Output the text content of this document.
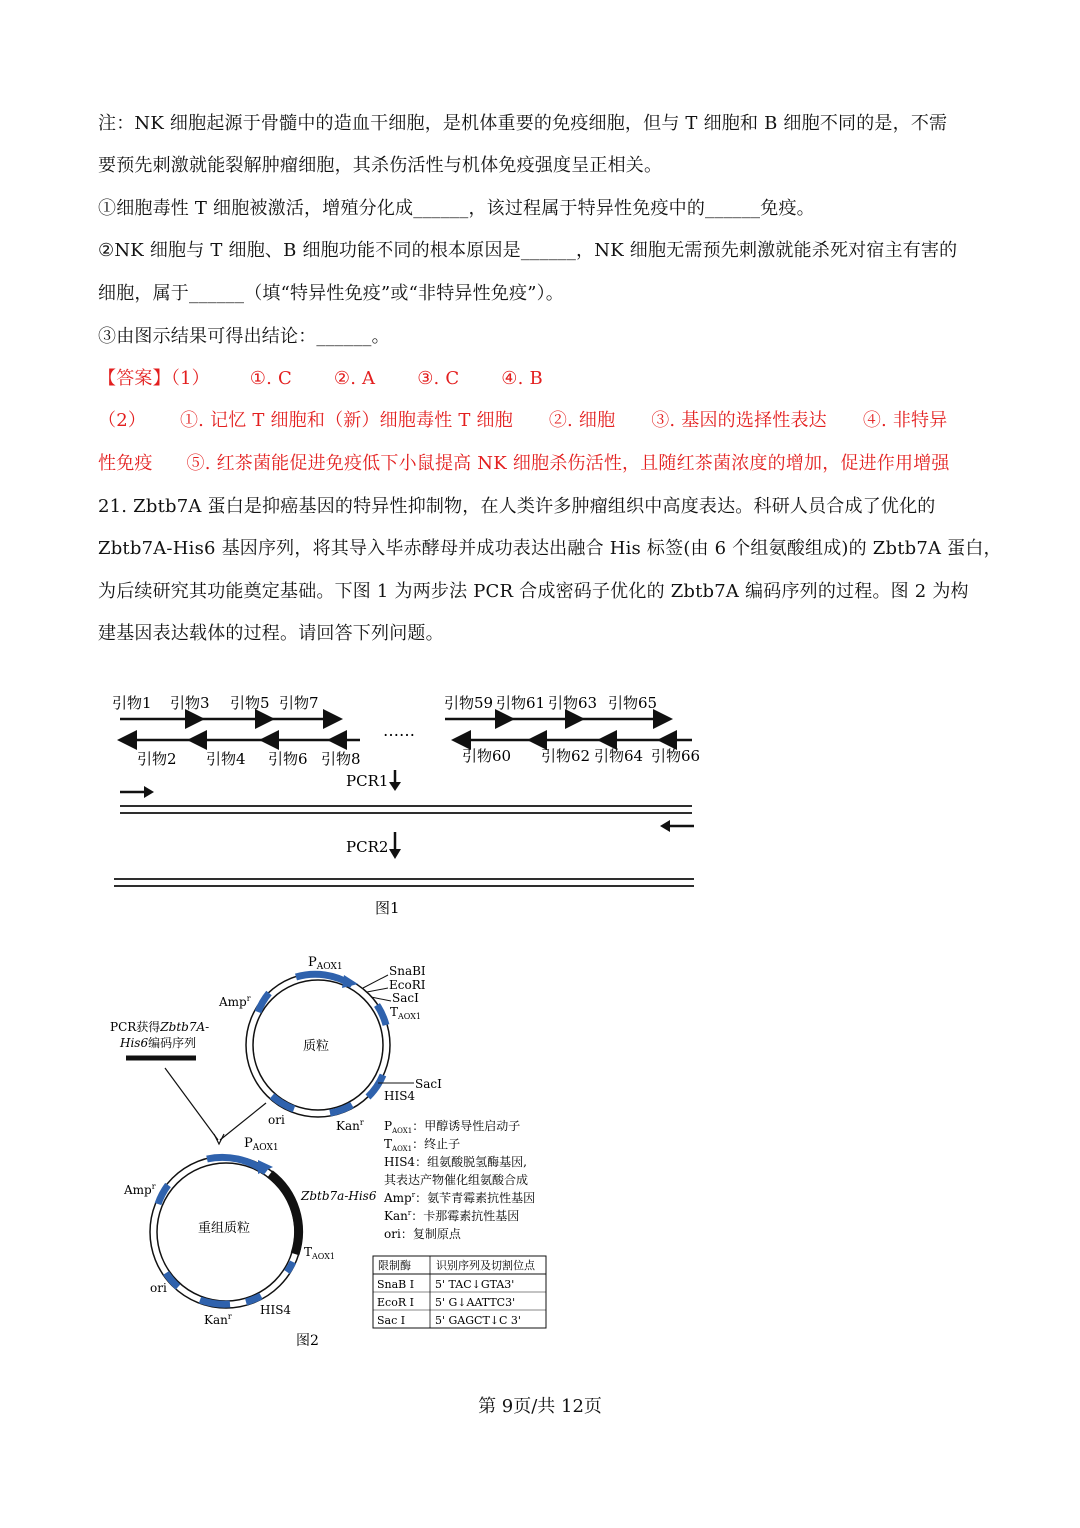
注：NK 细胞起源于骨髓中的造血干细胞，是机体重要的免疫细胞，但与 T 细胞和 B 细胞不同的是，不需
要预先刺激就能裂解肿瘤细胞，其杀伤活性与机体免疫强度呈正相关。
①细胞毒性 T 细胞被激活，增殖分化成______，该过程属于特异性免疫中的______免疫。
②NK 细胞与 T 细胞、B 细胞功能不同的根本原因是______，NK 细胞无需预先刺激就能杀死对宿主有害的
细胞，属于______（填“特异性免疫”或“非特异性免疫”）。
③由图示结果可得出结论：______。
【答案】（1） ①. C ②. A ③. C ④. B
（2） ①. 记忆 T 细胞和（新）细胞毒性 T 细胞 ②. 细胞 ③. 基因的选择性表达 ④. 非特异
性免疫 ⑤. 红茶菌能促进免疫低下小鼠提高 NK 细胞杀伤活性，且随红茶菌浓度的增加，促进作用增强
21. Zbtb7A 蛋白是抑癌基因的特异性抑制物，在人类许多肿瘤组织中高度表达。科研人员合成了优化的
Zbtb7A-His6 基因序列，将其导入毕赤酵母并成功表达出融合 His 标签(由 6 个组氨酸组成)的 Zbtb7A 蛋白，
为后续研究其功能奠定基础。下图 1 为两步法 PCR 合成密码子优化的 Zbtb7A 编码序列的过程。图 2 为构
建基因表达载体的过程。请回答下列问题。
引物1 引物3 引物5 引物7	引物59 引物61 引物63 引物65
……
引物2 引物4 引物6 引物8	引物60 引物62 引物64 引物66
PCR1
PCR2
图1
质粒
$P_{AOX1}$	SnaBI
EcoRI
SacI
$T_{AOX1}$
SacI
HIS4
Kan$^r$
ori
Amp$^r$
PCR获得Zbtb7A-
His6编码序列
重组质粒
$P_{AOX1}$
Zbtb7a-His6
$T_{AOX1}$
HIS4
Kan$^r$
ori
Amp$^r$
图2
$P_{AOX1}$：甲醇诱导性启动子
$T_{AOX1}$：终止子
HIS4：组氨酸脱氢酶基因,
其表达产物催化组氨酸合成
Amp$^r$：氨苄青霉素抗性基因
Kan$^r$：卡那霉素抗性基因
ori：复制原点
限制酶 识别序列及切割位点
SnaB I 5' TAC↓GTA3'
EcoR I 5' G↓AATTC3'
Sac I	5' GAGCT↓C 3'
第 9页/共 12页
